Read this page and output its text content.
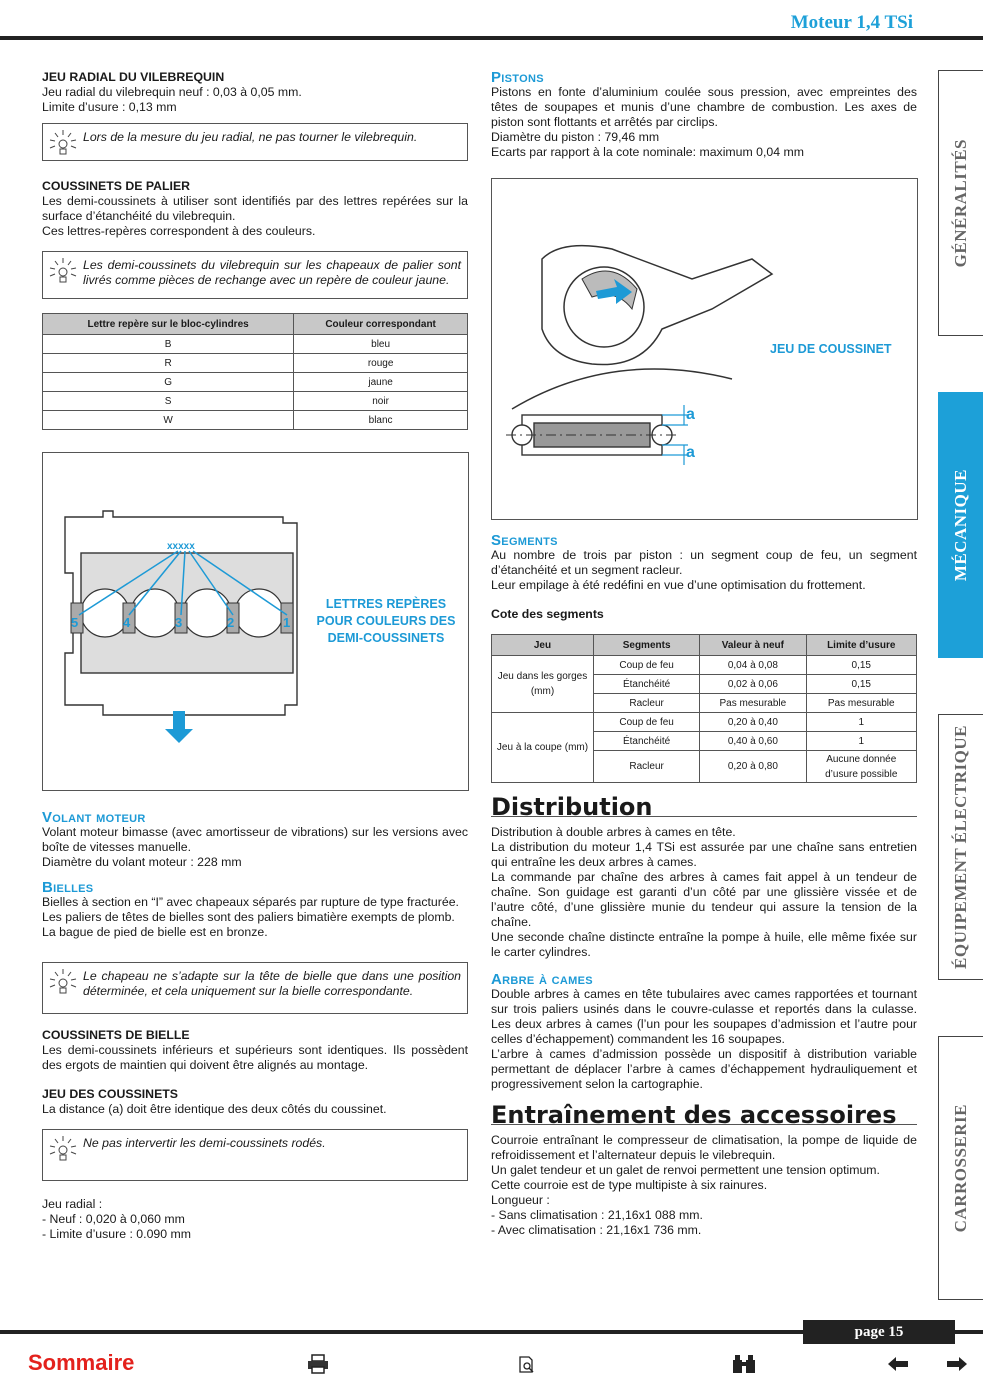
Moteur 1,4 TSi

JEU RADIAL DU VILEBREQUIN

Jeu radial du vilebrequin neuf : 0,03 à 0,05 mm.

Limite d’usure : 0,13 mm

Lors de la mesure du jeu radial, ne pas tourner le vilebrequin.

COUSSINETS DE PALIER

Les demi-coussinets à utiliser sont identifiés par des lettres repérées sur la surface d’étanchéité du vilebrequin.

Ces lettres-repères correspondent à des couleurs.

Les demi-coussinets du vilebrequin sur les chapeaux de palier sont livrés comme pièces de rechange avec un repère de couleur jaune.
Lettre repère sur le bloc-cylindres	Couleur correspondant
B	bleu
R	rouge
G	jaune
S	noir
W	blanc
xxxxx
5	4	3	2	1
LETTRES REPÈRES
POUR COULEURS DES
DEMI-COUSSINETS

Volant moteur

Volant moteur bimasse (avec amortisseur de vibrations) sur les versions avec boîte de vitesses manuelle.

Diamètre du volant moteur : 228 mm

Bielles

Bielles à section en “I” avec chapeaux séparés par rupture de type fracturée.

Les paliers de têtes de bielles sont des paliers bimatière exempts de plomb.

La bague de pied de bielle est en bronze.

Le chapeau ne s’adapte sur la tête de bielle que dans une position déterminée, et cela uniquement sur la bielle correspondante.

COUSSINETS DE BIELLE

Les demi-coussinets inférieurs et supérieurs sont identiques. Ils possèdent des ergots de maintien qui doivent être alignés au montage.

JEU DES COUSSINETS

La distance (a) doit être identique des deux côtés du coussinet.

Ne pas intervertir les demi-coussinets rodés.

Jeu radial :

- Neuf : 0,020 à 0,060 mm

- Limite d’usure : 0.090 mm

Pistons

Pistons en fonte d’aluminium coulée sous pression, avec empreintes des têtes de soupapes et munis d’une chambre de combustion. Les axes de piston sont flottants et arrêtés par circlips.

Diamètre du piston : 79,46 mm

Ecarts par rapport à la cote nominale: maximum 0,04 mm

a
a
JEU DE COUSSINET

Segments

Au nombre de trois par piston : un segment coup de feu, un segment d’étanchéité et un segment racleur.

Leur empilage à été redéfini en vue d’une optimisation du frottement.

Cote des segments

Jeu	Segments	Valeur à neuf	Limite d’usure
Jeu dans les gorges (mm)	Coup de feu	0,04 à 0,08	0,15
	Étanchéité	0,02 à 0,06	0,15
	Racleur	Pas mesurable	Pas mesurable
Jeu à la coupe (mm)	Coup de feu	0,20 à 0,40	1
	Étanchéité	0,40 à 0,60	1
	Racleur	0,20 à 0,80	Aucune donnée d’usure possible

Distribution

Distribution à double arbres à cames en tête.

La distribution du moteur 1,4 TSi est assurée par une chaîne sans entretien qui entraîne les deux arbres à cames.

La commande par chaîne des arbres à cames fait appel à un tendeur de chaîne. Son guidage est garanti d’un côté par une glissière vissée et de l’autre côté, d’une glissière munie du tendeur qui assure la tension de la chaîne.

Une seconde chaîne distincte entraîne la pompe à huile, elle même fixée sur le carter cylindres.

Arbre à cames

Double arbres à cames en tête tubulaires avec cames rapportées et tournant sur trois paliers usinés dans le couvre-culasse et reportés dans la culasse. Les deux arbres à cames (l’un pour les soupapes d’admission et l’autre pour celles d’échappement) commandent les 16 soupapes.

L’arbre à cames d’admission possède un dispositif à distribution variable permettant de déplacer l’arbre à cames d’échappement hydrauliquement et progressivement selon la cartographie.

Entraînement des accessoires

Courroie entraînant le compresseur de climatisation, la pompe de liquide de refroidissement et l’alternateur depuis le vilebrequin.

Un galet tendeur et un galet de renvoi permettent une tension optimum.

Cette courroie est de type multipiste à six rainures.

Longueur :

- Sans climatisation : 21,16x1 088 mm.

- Avec climatisation : 21,16x1 736 mm.

GÉNÉRALITÉS
MÉCANIQUE
ÉQUIPEMENT ÉLECTRIQUE
CARROSSERIE
page 15
Sommaire
